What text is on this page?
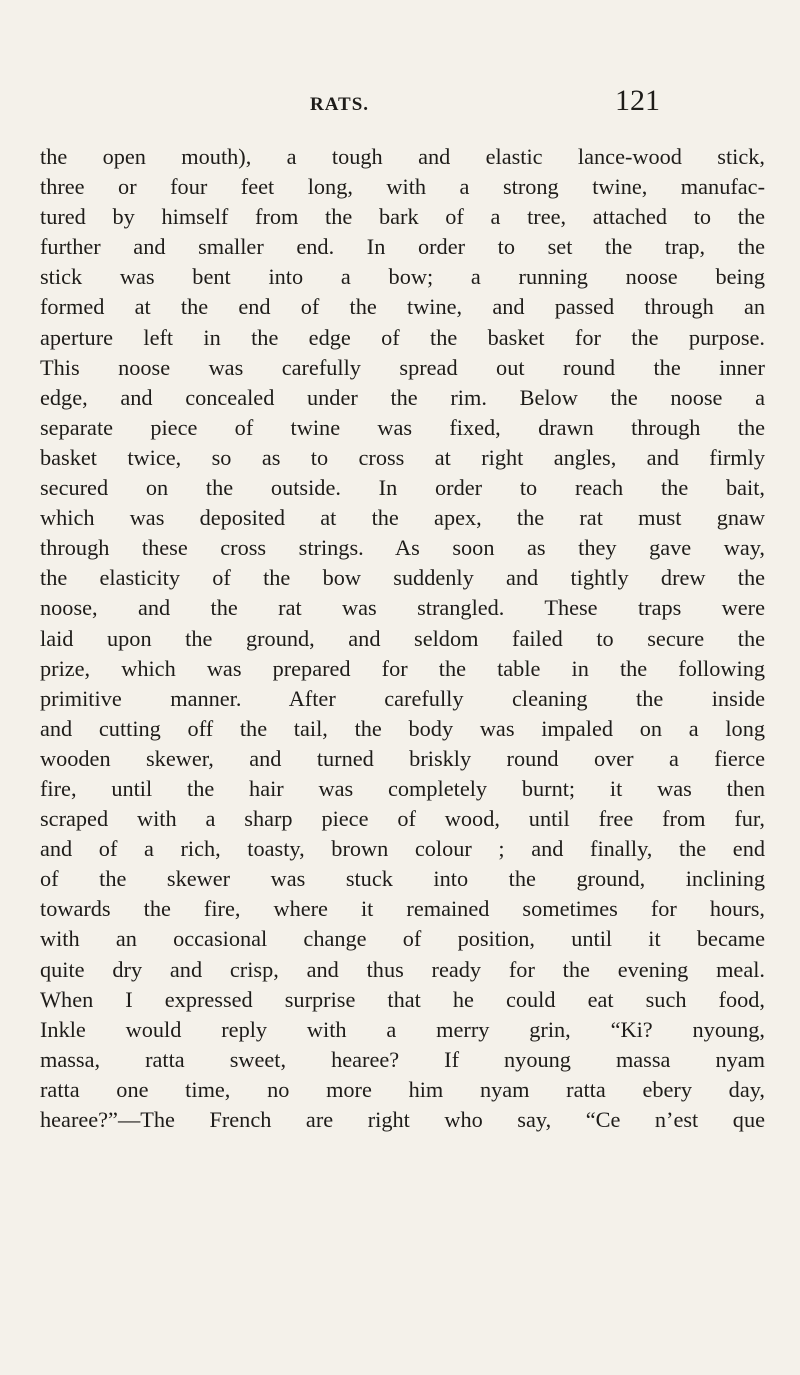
RATS.	121
the open mouth), a tough and elastic lance-wood stick,
three or four feet long, with a strong twine, manufac-
tured by himself from the bark of a tree, attached to the
further and smaller end. In order to set the trap, the
stick was bent into a bow; a running noose being
formed at the end of the twine, and passed through an
aperture left in the edge of the basket for the purpose.
This noose was carefully spread out round the inner
edge, and concealed under the rim. Below the noose a
separate piece of twine was fixed, drawn through the
basket twice, so as to cross at right angles, and firmly
secured on the outside. In order to reach the bait,
which was deposited at the apex, the rat must gnaw
through these cross strings. As soon as they gave way,
the elasticity of the bow suddenly and tightly drew the
noose, and the rat was strangled. These traps were
laid upon the ground, and seldom failed to secure the
prize, which was prepared for the table in the following
primitive manner. After carefully cleaning the inside
and cutting off the tail, the body was impaled on a long
wooden skewer, and turned briskly round over a fierce
fire, until the hair was completely burnt; it was then
scraped with a sharp piece of wood, until free from fur,
and of a rich, toasty, brown colour ; and finally, the end
of the skewer was stuck into the ground, inclining
towards the fire, where it remained sometimes for hours,
with an occasional change of position, until it became
quite dry and crisp, and thus ready for the evening meal.
When I expressed surprise that he could eat such food,
Inkle would reply with a merry grin, “Ki? nyoung,
massa, ratta sweet, hearee? If nyoung massa nyam
ratta one time, no more him nyam ratta ebery day,
hearee?”—The French are right who say, “Ce n’est que
